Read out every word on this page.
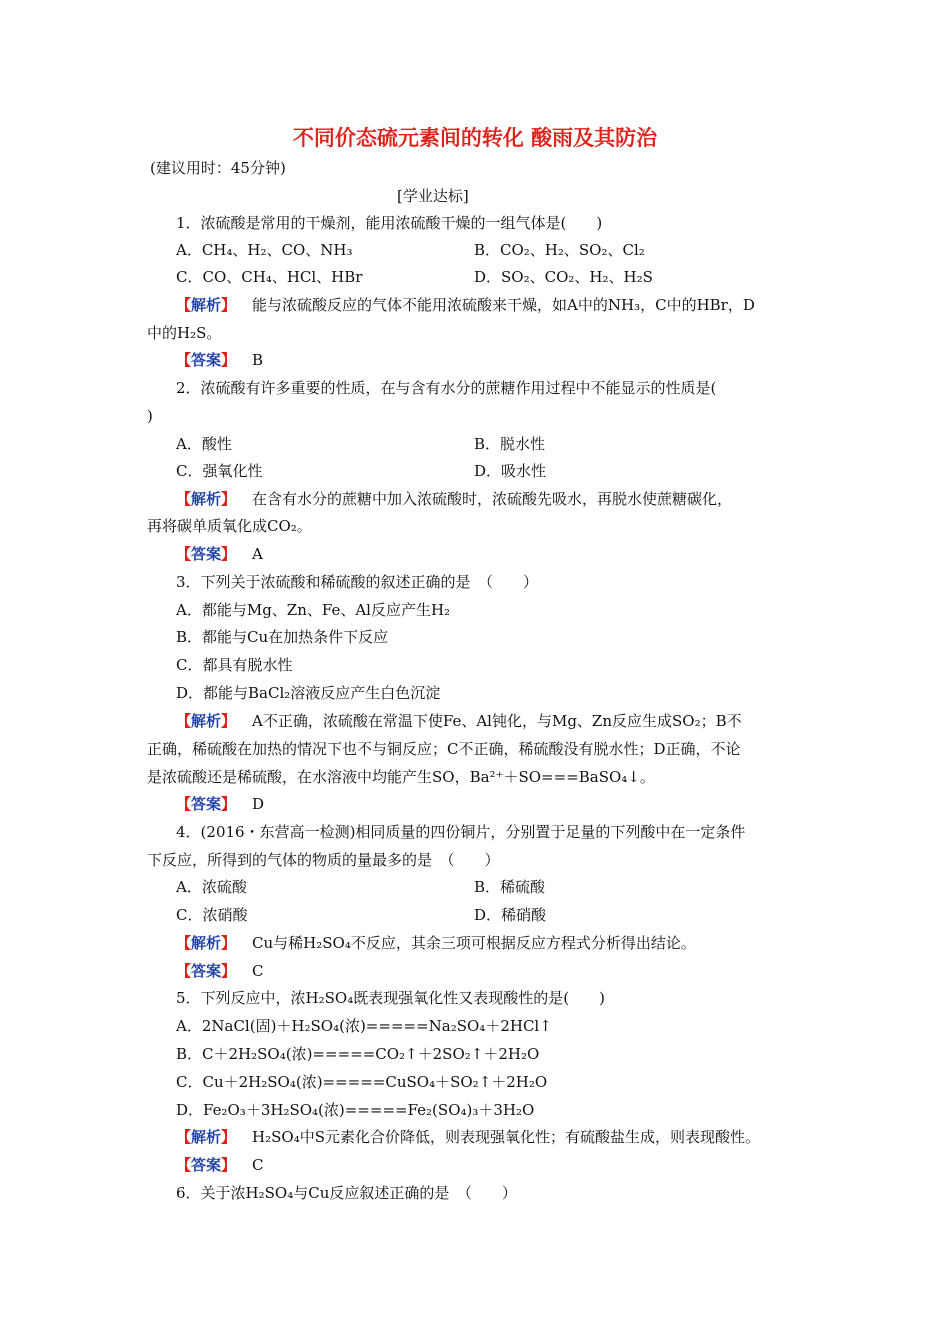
不同价态硫元素间的转化 酸雨及其防治
(建议用时：45分钟)
[学业达标]
1．浓硫酸是常用的干燥剂，能用浓硫酸干燥的一组气体是(　　)
A．CH₄、H₂、CO、NH₃	B．CO₂、H₂、SO₂、Cl₂
C．CO、CH₄、HCl、HBr	D．SO₂、CO₂、H₂、H₂S
【解析】 能与浓硫酸反应的气体不能用浓硫酸来干燥，如A中的NH₃，C中的HBr，D
中的H₂S。
【答案】 B
2．浓硫酸有许多重要的性质，在与含有水分的蔗糖作用过程中不能显示的性质是(
)
A．酸性	B．脱水性
C．强氧化性	D．吸水性
【解析】 在含有水分的蔗糖中加入浓硫酸时，浓硫酸先吸水，再脱水使蔗糖碳化，
再将碳单质氧化成CO₂。
【答案】 A
3．下列关于浓硫酸和稀硫酸的叙述正确的是　（　　）
A．都能与Mg、Zn、Fe、Al反应产生H₂
B．都能与Cu在加热条件下反应
C．都具有脱水性
D．都能与BaCl₂溶液反应产生白色沉淀
【解析】 A不正确，浓硫酸在常温下使Fe、Al钝化，与Mg、Zn反应生成SO₂；B不
正确，稀硫酸在加热的情况下也不与铜反应；C不正确，稀硫酸没有脱水性；D正确，不论
是浓硫酸还是稀硫酸，在水溶液中均能产生SO，Ba²⁺＋SO===BaSO₄↓。
【答案】 D
4．(2016・东营高一检测)相同质量的四份铜片，分别置于足量的下列酸中在一定条件
下反应，所得到的气体的物质的量最多的是　（　　）
A．浓硫酸	B．稀硫酸
C．浓硝酸	D．稀硝酸
【解析】 Cu与稀H₂SO₄不反应，其余三项可根据反应方程式分析得出结论。
【答案】 C
5．下列反应中，浓H₂SO₄既表现强氧化性又表现酸性的是(　　)
A．2NaCl(固)＋H₂SO₄(浓)=====Na₂SO₄＋2HCl↑
B．C＋2H₂SO₄(浓)=====CO₂↑＋2SO₂↑＋2H₂O
C．Cu＋2H₂SO₄(浓)=====CuSO₄＋SO₂↑＋2H₂O
D．Fe₂O₃＋3H₂SO₄(浓)=====Fe₂(SO₄)₃＋3H₂O
【解析】 H₂SO₄中S元素化合价降低，则表现强氧化性；有硫酸盐生成，则表现酸性。
【答案】 C
6．关于浓H₂SO₄与Cu反应叙述正确的是　（　　）
